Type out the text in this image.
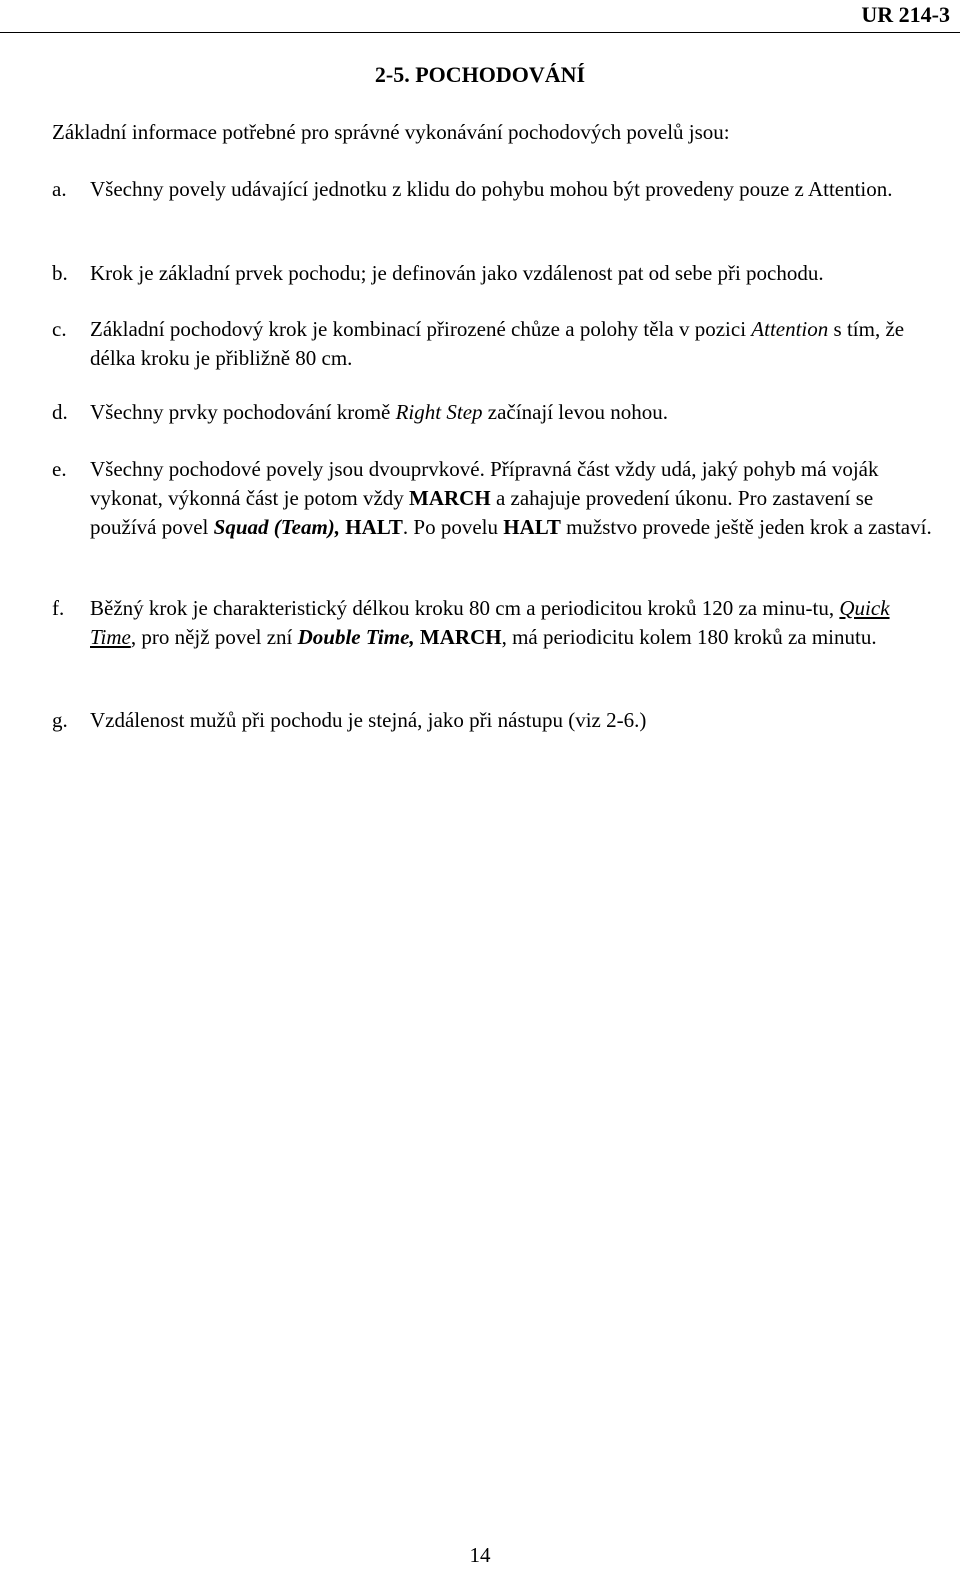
UR 214-3
2-5. POCHODOVÁNÍ

Základní informace potřebné pro správné vykonávání pochodových povelů jsou:

a.	Všechny povely udávající jednotku z klidu do pohybu mohou být provedeny pouze z Attention.
b.	Krok je základní prvek pochodu; je definován jako vzdálenost pat od sebe při pochodu.
c.	Základní pochodový krok je kombinací přirozené chůze a polohy těla v pozici Attention s tím, že délka kroku je přibližně 80 cm.
d.	Všechny prvky pochodování kromě Right Step začínají levou nohou.
e.	Všechny pochodové povely jsou dvouprvkové. Přípravná část vždy udá, jaký pohyb má voják vykonat, výkonná část je potom vždy MARCH a zahajuje provedení úkonu. Pro zastavení se používá povel Squad (Team), HALT. Po povelu HALT mužstvo provede ještě jeden krok a zastaví.
f.	Běžný krok je charakteristický délkou kroku 80 cm a periodicitou kroků 120 za minu-tu, Quick Time, pro nějž povel zní Double Time, MARCH, má periodicitu kolem 180 kroků za minutu.
g.	Vzdálenost mužů při pochodu je stejná, jako při nástupu (viz 2-6.)
14
